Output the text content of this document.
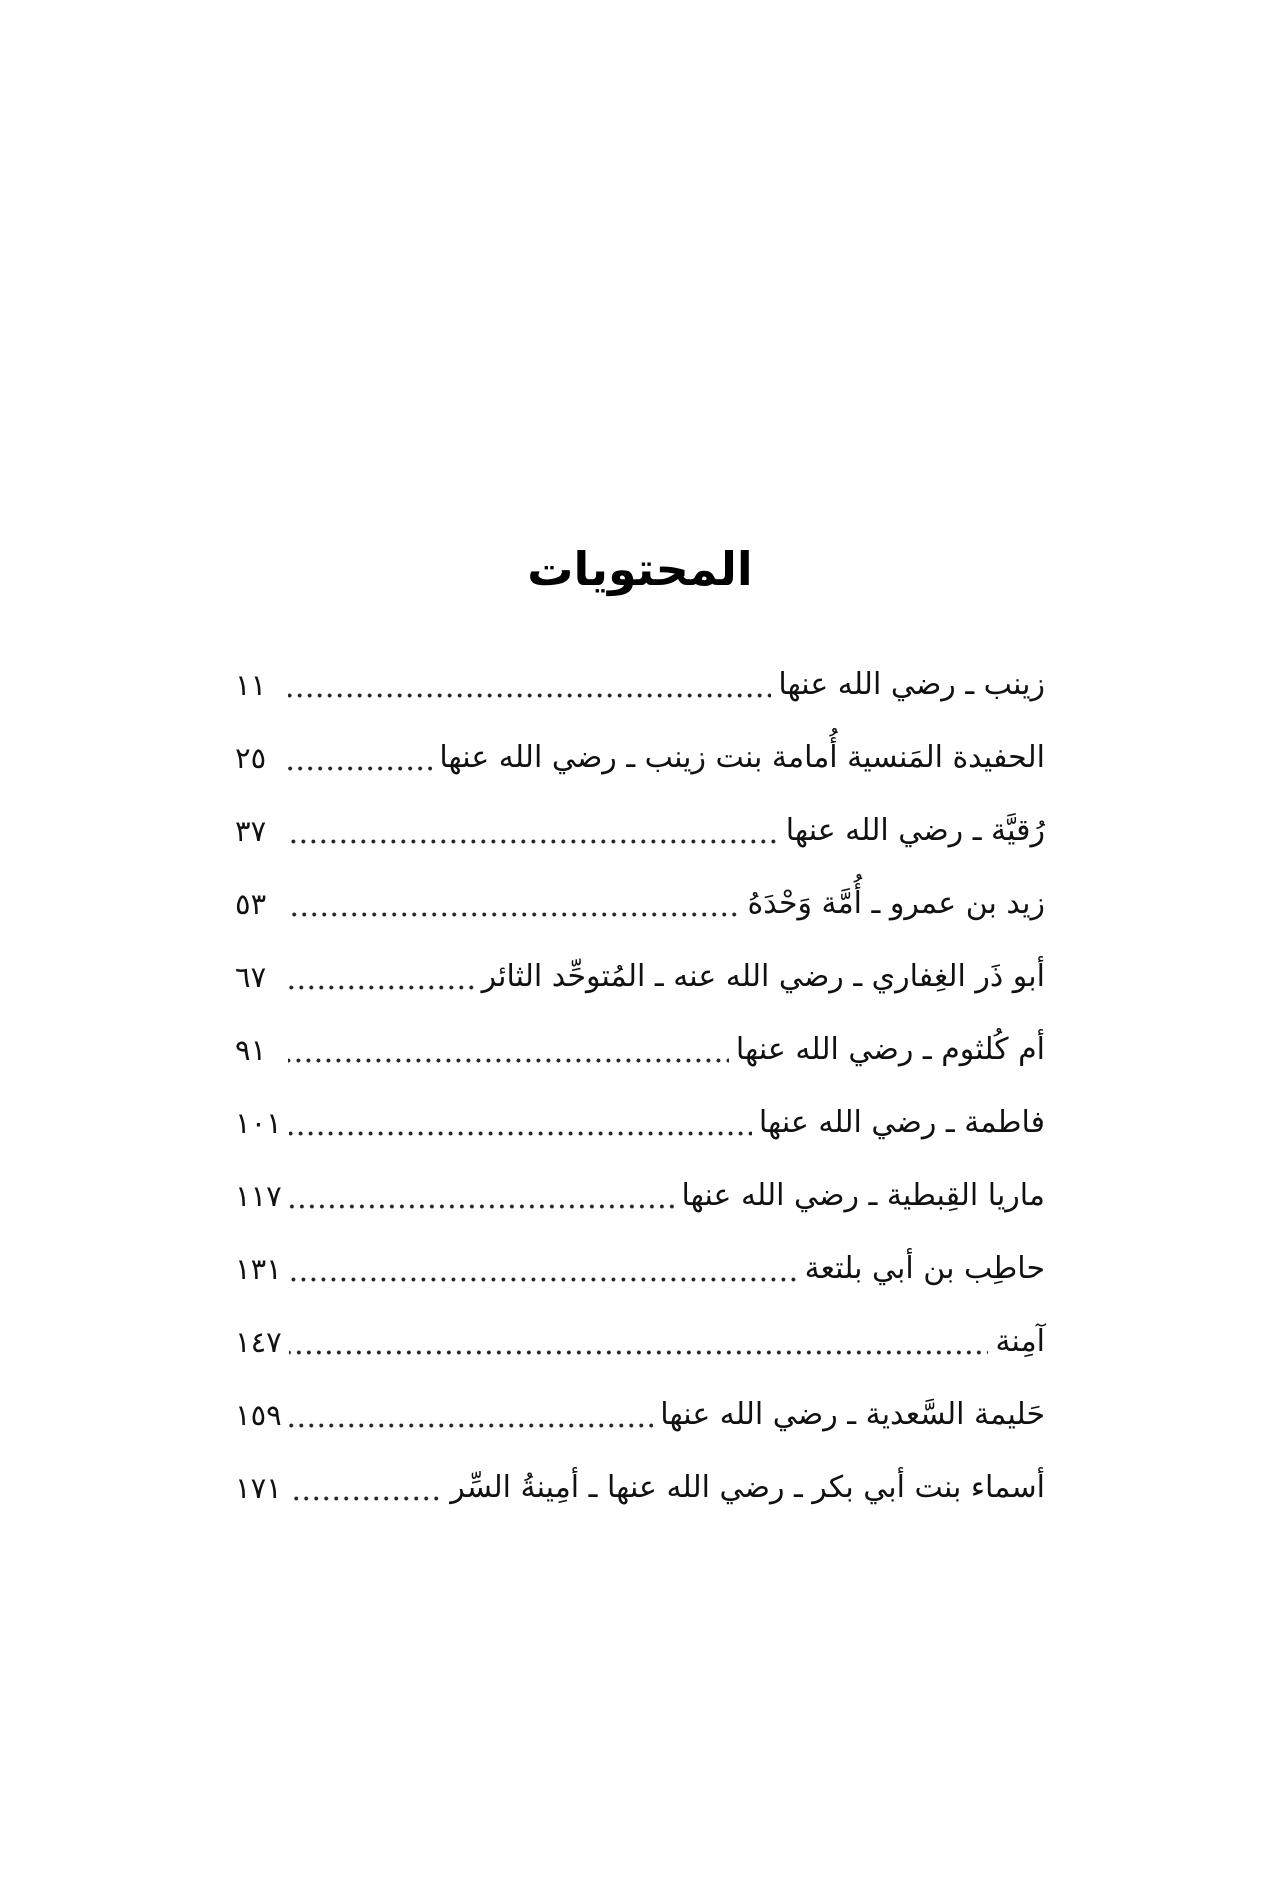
المحتويات
زينب ـ رضي الله عنها
١١
الحفيدة المَنسية أُمامة بنت زينب ـ رضي الله عنها
٢٥
رُقيَّة ـ رضي الله عنها
٣٧
زيد بن عمرو ـ أُمَّة وَحْدَهُ
٥٣
أبو ذَر الغِفاري ـ رضي الله عنه ـ المُتوحِّد الثائر
٦٧
أم كُلثوم ـ رضي الله عنها
٩١
فاطمة ـ رضي الله عنها
١٠١
ماريا القِبطية ـ رضي الله عنها
١١٧
حاطِب بن أبي بلتعة
١٣١
آمِنة
١٤٧
حَليمة السَّعدية ـ رضي الله عنها
١٥٩
أسماء بنت أبي بكر ـ رضي الله عنها ـ أمِينةُ السِّر
١٧١
